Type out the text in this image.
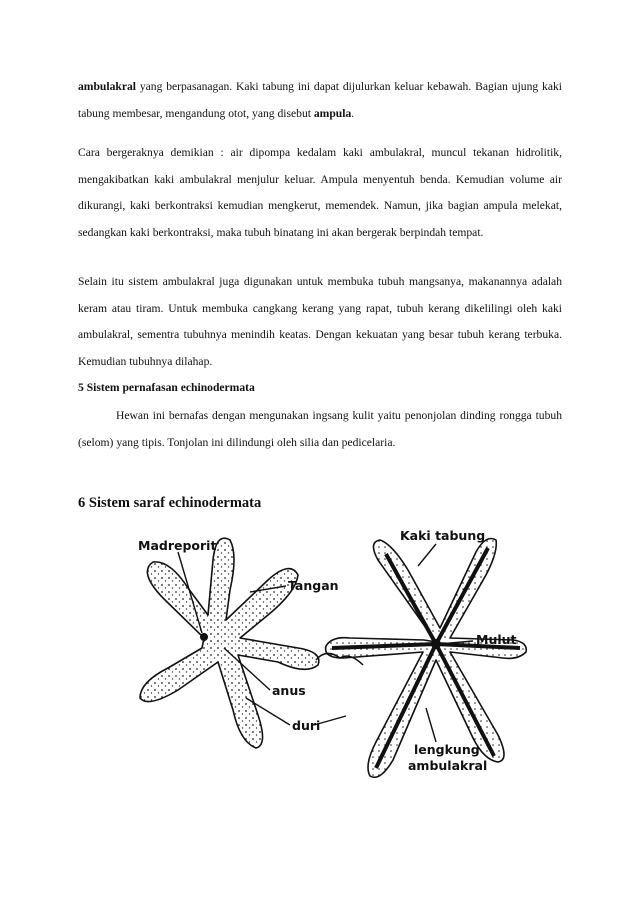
ambulakral yang berpasanagan. Kaki tabung ini dapat dijulurkan keluar kebawah. Bagian ujung kaki tabung membesar, mengandung otot, yang disebut ampula.

Cara bergeraknya demikian : air dipompa kedalam kaki ambulakral, muncul tekanan hidrolitik, mengakibatkan kaki ambulakral menjulur keluar. Ampula menyentuh benda. Kemudian volume air dikurangi, kaki berkontraksi kemudian mengkerut, memendek. Namun, jika bagian ampula melekat, sedangkan kaki berkontraksi, maka tubuh binatang ini akan bergerak berpindah tempat.

Selain itu sistem ambulakral juga digunakan untuk membuka tubuh mangsanya, makanannya adalah keram atau tiram. Untuk membuka cangkang kerang yang rapat, tubuh kerang dikelilingi oleh kaki ambulakral, sementra tubuhnya menindih keatas. Dengan kekuatan yang besar tubuh kerang terbuka. Kemudian tubuhnya dilahap.

5 Sistem pernafasan echinodermata

Hewan ini bernafas dengan mengunakan ingsang kulit yaitu penonjolan dinding rongga tubuh (selom) yang tipis. Tonjolan ini dilindungi oleh silia dan pedicelaria.

6 Sistem saraf echinodermata

Madreporit
Kaki tabung
Tangan
Mulut
anus
duri
lengkung
ambulakral
